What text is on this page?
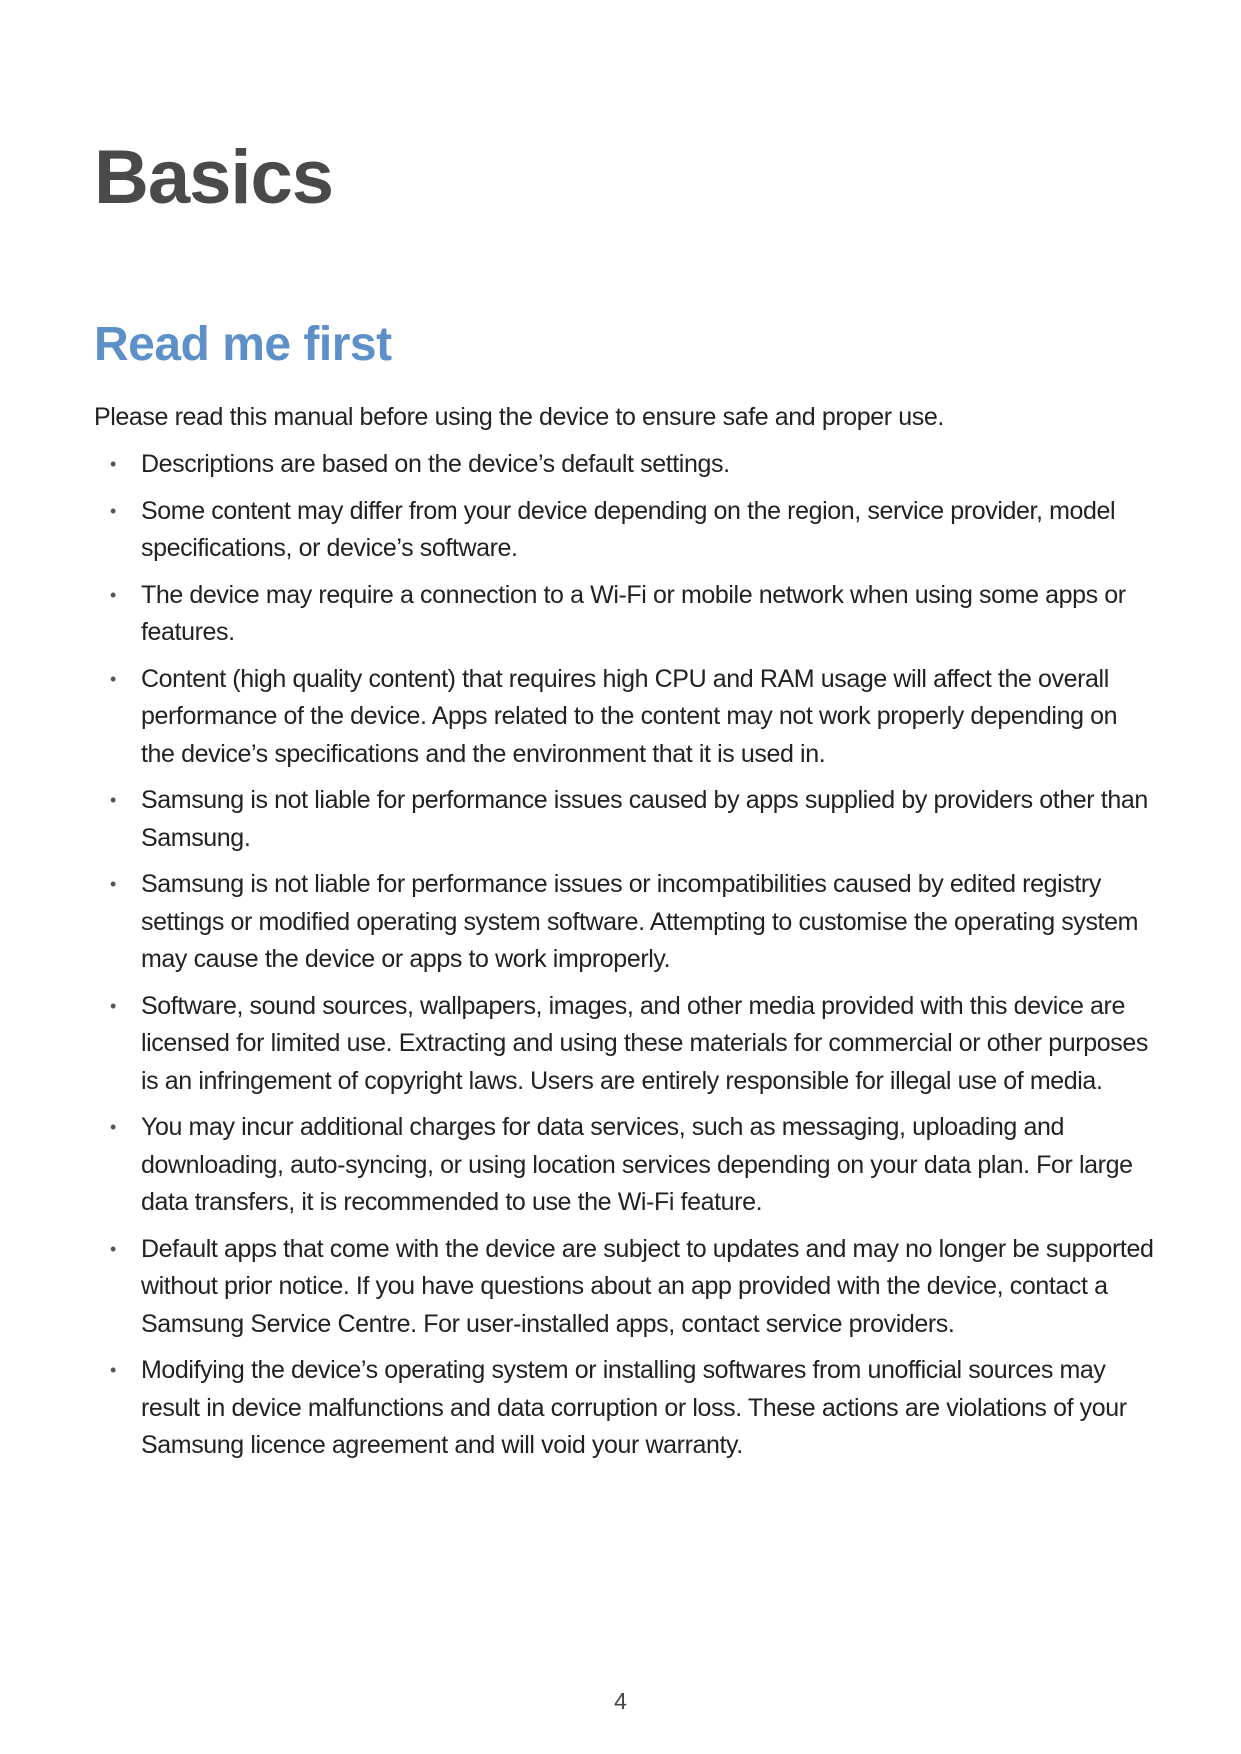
Basics
Read me first

Please read this manual before using the device to ensure safe and proper use.

• Descriptions are based on the device’s default settings.
• Some content may differ from your device depending on the region, service provider, model specifications, or device’s software.
• The device may require a connection to a Wi-Fi or mobile network when using some apps or features.
• Content (high quality content) that requires high CPU and RAM usage will affect the overall performance of the device. Apps related to the content may not work properly depending on the device’s specifications and the environment that it is used in.
• Samsung is not liable for performance issues caused by apps supplied by providers other than Samsung.
• Samsung is not liable for performance issues or incompatibilities caused by edited registry settings or modified operating system software. Attempting to customise the operating system may cause the device or apps to work improperly.
• Software, sound sources, wallpapers, images, and other media provided with this device are licensed for limited use. Extracting and using these materials for commercial or other purposes is an infringement of copyright laws. Users are entirely responsible for illegal use of media.
• You may incur additional charges for data services, such as messaging, uploading and downloading, auto-syncing, or using location services depending on your data plan. For large data transfers, it is recommended to use the Wi-Fi feature.
• Default apps that come with the device are subject to updates and may no longer be supported without prior notice. If you have questions about an app provided with the device, contact a Samsung Service Centre. For user-installed apps, contact service providers.
• Modifying the device’s operating system or installing softwares from unofficial sources may result in device malfunctions and data corruption or loss. These actions are violations of your Samsung licence agreement and will void your warranty.
4
